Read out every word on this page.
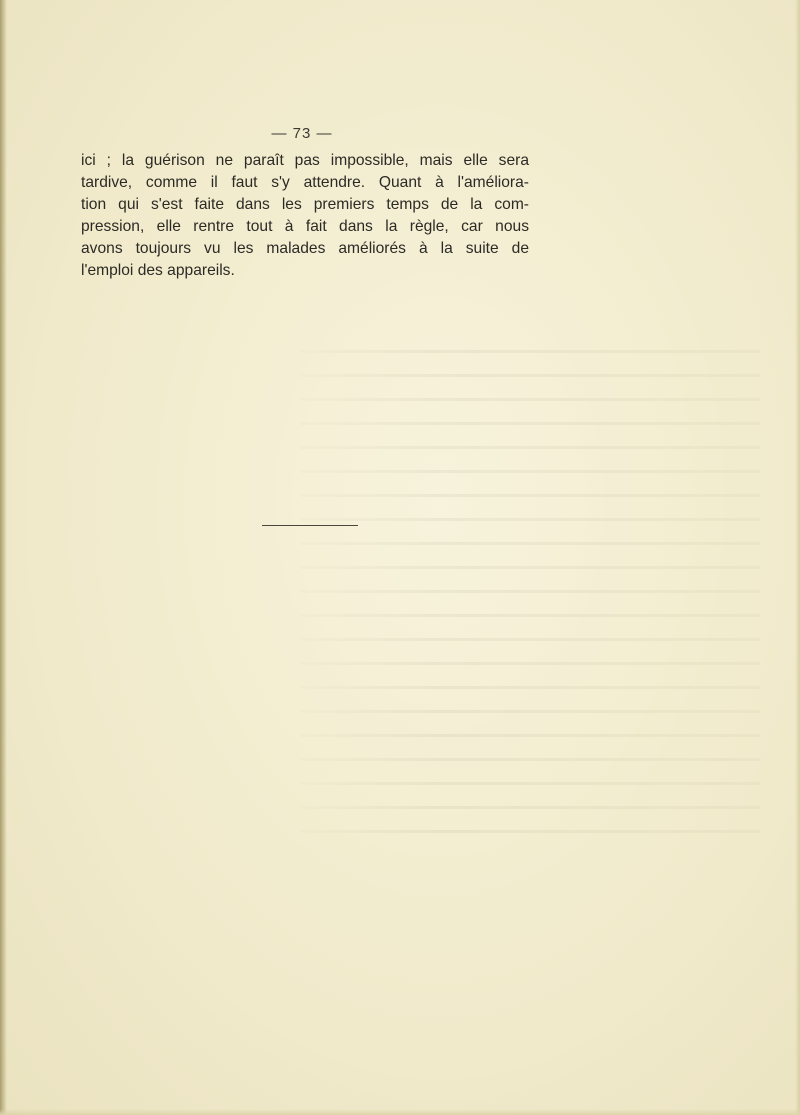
— 73 —

ici ; la guérison ne paraît pas impossible, mais elle sera
tardive, comme il faut s'y attendre. Quant à l'améliora-
tion qui s'est faite dans les premiers temps de la com-
pression, elle rentre tout à fait dans la règle, car nous
avons toujours vu les malades améliorés à la suite de
l'emploi des appareils.
